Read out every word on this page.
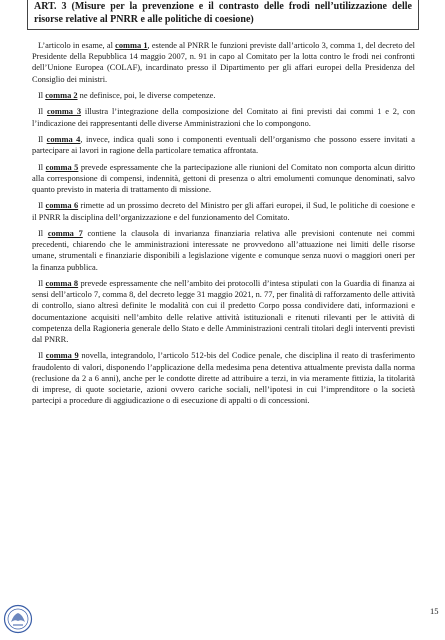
ART. 3 (Misure per la prevenzione e il contrasto delle frodi nell’utilizzazione delle risorse relative al PNRR e alle politiche di coesione)

L’articolo in esame, al comma 1, estende al PNRR le funzioni previste dall’articolo 3, comma 1, del decreto del Presidente della Repubblica 14 maggio 2007, n. 91 in capo al Comitato per la lotta contro le frodi nei confronti dell’Unione Europea (COLAF), incardinato presso il Dipartimento per gli affari europei della Presidenza del Consiglio dei ministri.

Il comma 2 ne definisce, poi, le diverse competenze.

Il comma 3 illustra l’integrazione della composizione del Comitato ai fini previsti dai commi 1 e 2, con l’indicazione dei rappresentanti delle diverse Amministrazioni che lo compongono.

Il comma 4, invece, indica quali sono i componenti eventuali dell’organismo che possono essere invitati a partecipare ai lavori in ragione della particolare tematica affrontata.

Il comma 5 prevede espressamente che la partecipazione alle riunioni del Comitato non comporta alcun diritto alla corresponsione di compensi, indennità, gettoni di presenza o altri emolumenti comunque denominati, salvo quanto previsto in materia di trattamento di missione.

Il comma 6 rimette ad un prossimo decreto del Ministro per gli affari europei, il Sud, le politiche di coesione e il PNRR la disciplina dell’organizzazione e del funzionamento del Comitato.

Il comma 7 contiene la clausola di invarianza finanziaria relativa alle previsioni contenute nei commi precedenti, chiarendo che le amministrazioni interessate ne provvedono all’attuazione nei limiti delle risorse umane, strumentali e finanziarie disponibili a legislazione vigente e comunque senza nuovi o maggiori oneri per la finanza pubblica.

Il comma 8 prevede espressamente che nell’ambito dei protocolli d’intesa stipulati con la Guardia di finanza ai sensi dell’articolo 7, comma 8, del decreto legge 31 maggio 2021, n. 77, per finalità di rafforzamento delle attività di controllo, siano altresì definite le modalità con cui il predetto Corpo possa condividere dati, informazioni e documentazione acquisiti nell’ambito delle relative attività istituzionali e ritenuti rilevanti per le attività di competenza della Ragioneria generale dello Stato e delle Amministrazioni centrali titolari degli interventi previsti dal PNRR.

Il comma 9 novella, integrandolo, l’articolo 512-bis del Codice penale, che disciplina il reato di trasferimento fraudolento di valori, disponendo l’applicazione della medesima pena detentiva attualmente prevista dalla norma (reclusione da 2 a 6 anni), anche per le condotte dirette ad attribuire a terzi, in via meramente fittizia, la titolarità di imprese, di quote societarie, azioni ovvero cariche sociali, nell’ipotesi in cui l’imprenditore o la società partecipi a procedure di aggiudicazione o di esecuzione di appalti o di concessioni.

15
